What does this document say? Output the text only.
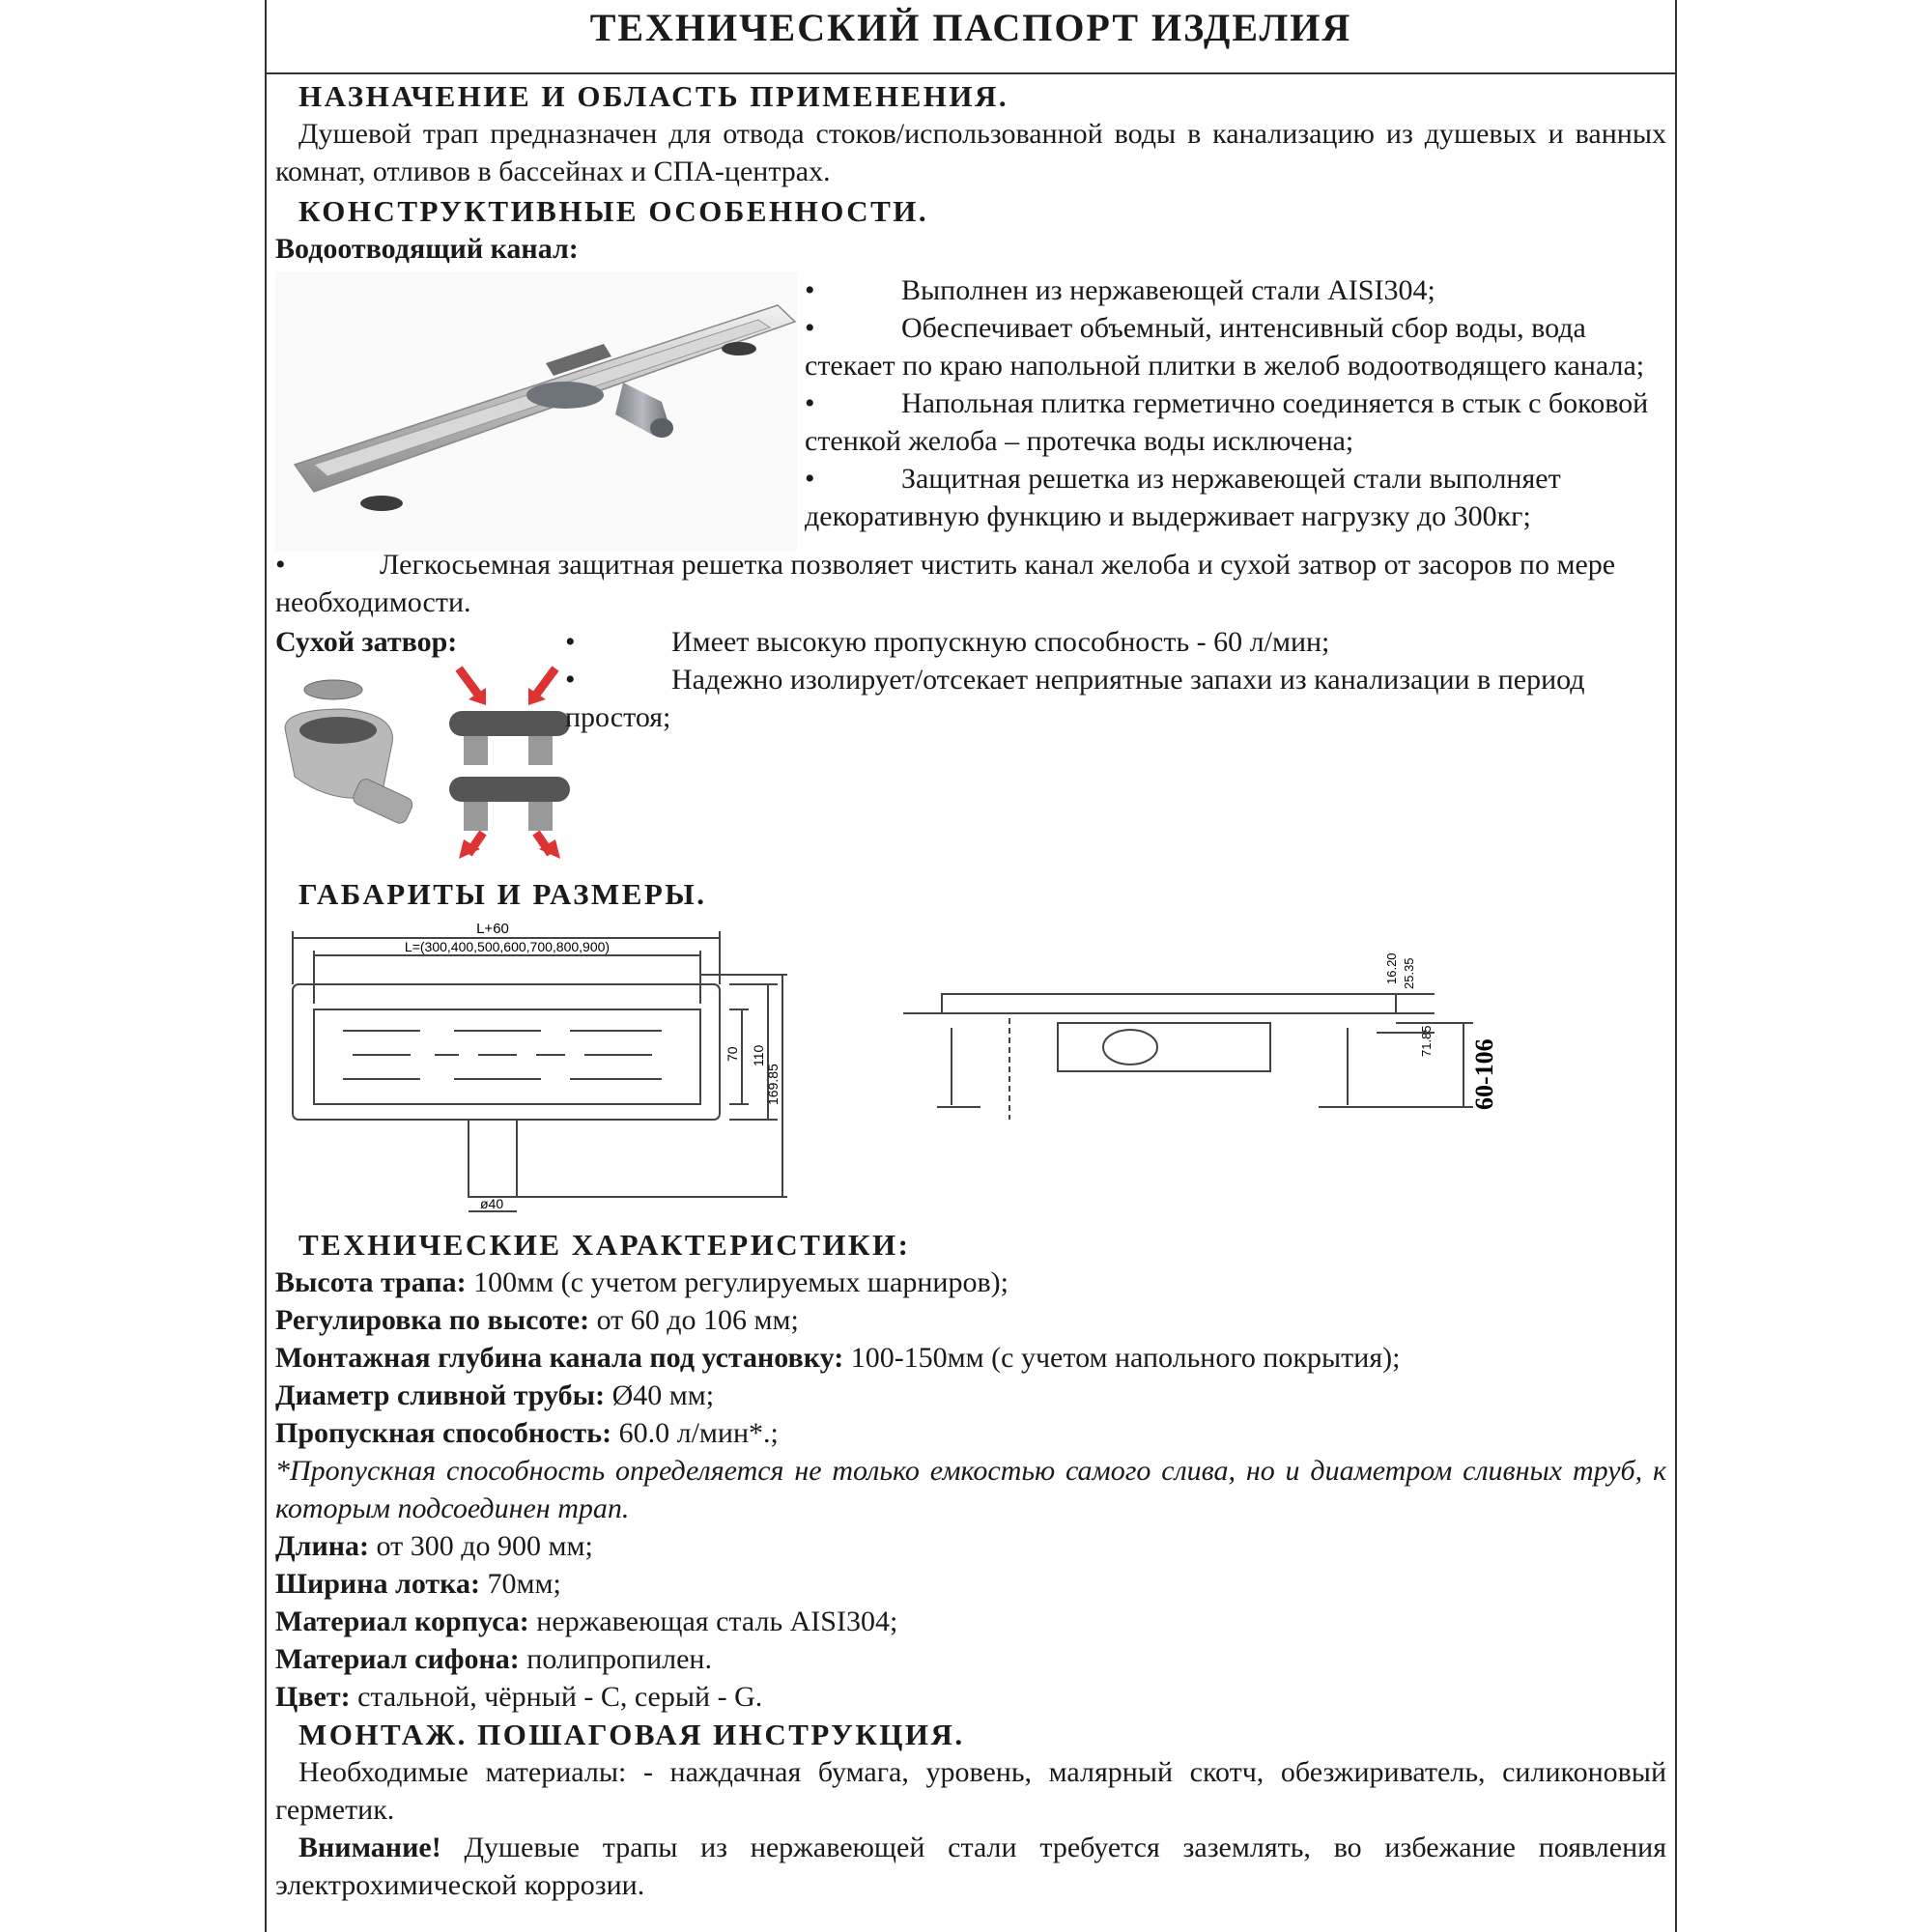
ТЕХНИЧЕСКИЙ ПАСПОРТ ИЗДЕЛИЯ

НАЗНАЧЕНИЕ И ОБЛАСТЬ ПРИМЕНЕНИЯ.

Душевой трап предназначен для отвода стоков/использованной воды в канализацию из душевых и ванных комнат, отливов в бассейнах и СПА-центрах.

КОНСТРУКТИВНЫЕ ОСОБЕННОСТИ.

Водоотводящий канал:

•	Выполнен из нержавеющей стали AISI304;
•	Обеспечивает объемный, интенсивный сбор воды, вода стекает по краю напольной плитки в желоб водоотводящего канала;
•	Напольная плитка герметично соединяется в стык с боковой стенкой желоба – протечка воды исключена;
•	Защитная решетка из нержавеющей стали выполняет декоративную функцию и выдерживает нагрузку до 300кг;
•	Легкосьемная защитная решетка позволяет чистить канал желоба и сухой затвор от засоров по мере необходимости.
Сухой затвор:	•	Имеет высокую пропускную способность - 60 л/мин;
•	Надежно изолирует/отсекает неприятные запахи из канализации в период простоя;

ГАБАРИТЫ И РАЗМЕРЫ.

L+60
L=(300,400,500,600,700,800,900)
70 110
169.85
ø40
16.20 25.35
71.85 60-106

ТЕХНИЧЕСКИЕ ХАРАКТЕРИСТИКИ:

Высота трапа: 100мм (с учетом регулируемых шарниров);
Регулировка по высоте: от 60 до 106 мм;
Монтажная глубина канала под установку: 100-150мм (с учетом напольного покрытия);
Диаметр сливной трубы: Ø40 мм;
Пропускная способность: 60.0 л/мин*.;

*Пропускная способность определяется не только емкостью самого слива, но и диаметром сливных труб, к которым подсоединен трап.

Длина: от 300 до 900 мм;
Ширина лотка: 70мм;
Материал корпуса: нержавеющая сталь AISI304;
Материал сифона: полипропилен.
Цвет: стальной, чёрный - С, серый - G.

МОНТАЖ. ПОШАГОВАЯ ИНСТРУКЦИЯ.

Необходимые материалы: - наждачная бумага, уровень, малярный скотч, обезжириватель, силиконовый герметик.

Внимание! Душевые трапы из нержавеющей стали требуется заземлять, во избежание появления электрохимической коррозии.
